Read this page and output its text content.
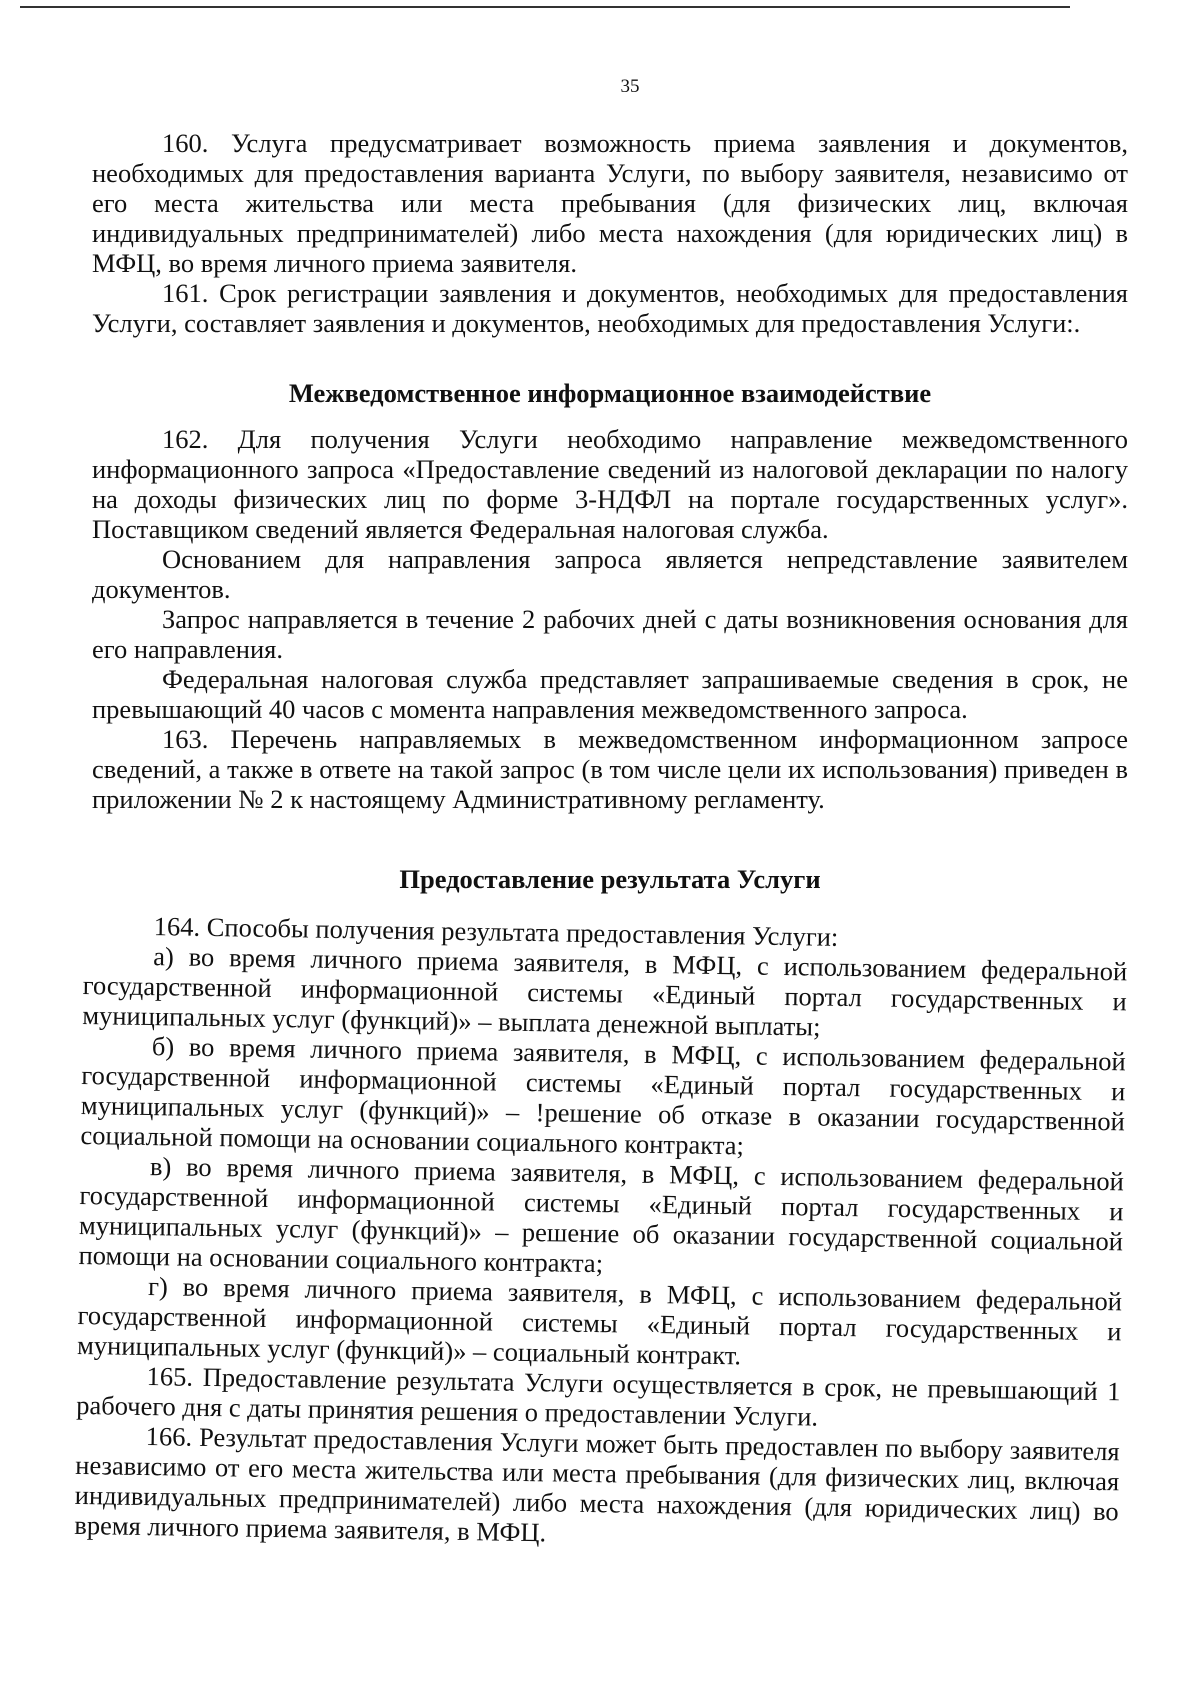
35

160. Услуга предусматривает возможность приема заявления и документов, необходимых для предоставления варианта Услуги, по выбору заявителя, независимо от его места жительства или места пребывания (для физических лиц, включая индивидуальных предпринимателей) либо места нахождения (для юридических лиц) в МФЦ, во время личного приема заявителя.

161. Срок регистрации заявления и документов, необходимых для предоставления Услуги, составляет заявления и документов, необходимых для предоставления Услуги:.

Межведомственное информационное взаимодействие

162. Для получения Услуги необходимо направление межведомственного информационного запроса «Предоставление сведений из налоговой декларации по налогу на доходы физических лиц по форме 3-НДФЛ на портале государственных услуг». Поставщиком сведений является Федеральная налоговая служба.

Основанием для направления запроса является непредставление заявителем документов.

Запрос направляется в течение 2 рабочих дней с даты возникновения основания для его направления.

Федеральная налоговая служба представляет запрашиваемые сведения в срок, не превышающий 40 часов с момента направления межведомственного запроса.

163. Перечень направляемых в межведомственном информационном запросе сведений, а также в ответе на такой запрос (в том числе цели их использования) приведен в приложении № 2 к настоящему Административному регламенту.

Предоставление результата Услуги

164. Способы получения результата предоставления Услуги:

а) во время личного приема заявителя, в МФЦ, с использованием федеральной государственной информационной системы «Единый портал государственных и муниципальных услуг (функций)» – выплата денежной выплаты;

б) во время личного приема заявителя, в МФЦ, с использованием федеральной государственной информационной системы «Единый портал государственных и муниципальных услуг (функций)» – !решение об отказе в оказании государственной социальной помощи на основании социального контракта;

в) во время личного приема заявителя, в МФЦ, с использованием федеральной государственной информационной системы «Единый портал государственных и муниципальных услуг (функций)» – решение об оказании государственной социальной помощи на основании социального контракта;

г) во время личного приема заявителя, в МФЦ, с использованием федеральной государственной информационной системы «Единый портал государственных и муниципальных услуг (функций)» – социальный контракт.

165. Предоставление результата Услуги осуществляется в срок, не превышающий 1 рабочего дня с даты принятия решения о предоставлении Услуги.

166. Результат предоставления Услуги может быть предоставлен по выбору заявителя независимо от его места жительства или места пребывания (для физических лиц, включая индивидуальных предпринимателей) либо места нахождения (для юридических лиц) во время личного приема заявителя, в МФЦ.
